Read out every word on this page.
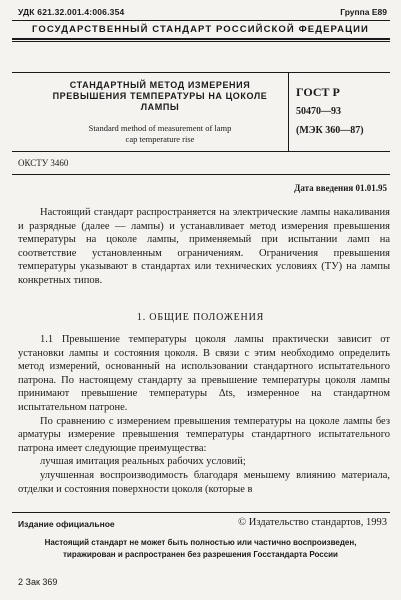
УДК 621.32.001.4:006.354	Группа Е89
ГОСУДАРСТВЕННЫЙ СТАНДАРТ РОССИЙСКОЙ ФЕДЕРАЦИИ
СТАНДАРТНЫЙ МЕТОД ИЗМЕРЕНИЯ
ПРЕВЫШЕНИЯ ТЕМПЕРАТУРЫ НА ЦОКОЛЕ
ЛАМПЫ
Standard method of measurement of lamp
cap temperature rise
ГОСТ Р
50470—93
(МЭК 360—87)
ОКСТУ 3460
Дата введения 01.01.95

Настоящий стандарт распространяется на электрические лампы накаливания и разрядные (далее — лампы) и устанавливает метод измерения превышения температуры на цоколе лампы, применяемый при испытании ламп на соответствие установленным ограничениям. Ограничения превышения температуры указывают в стандартах или технических условиях (ТУ) на лампы конкретных типов.

1. ОБЩИЕ ПОЛОЖЕНИЯ

1.1 Превышение температуры цоколя лампы практически зависит от установки лампы и состояния цоколя. В связи с этим необходимо определить метод измерений, основанный на использовании стандартного испытательного патрона. По настоящему стандарту за превышение температуры цоколя лампы принимают превышение температуры Δts, измеренное на стандартном испытательном патроне.

По сравнению с измерением превышения температуры на цоколе лампы без арматуры измерение превышения температуры стандартного испытательного патрона имеет следующие преимущества:

лучшая имитация реальных рабочих условий;

улучшенная воспроизводимость благодаря меньшему влиянию материала, отделки и состояния поверхности цоколя (которые в

Издание официальное	© Издательство стандартов, 1993
Настоящий стандарт не может быть полностью или частично воспроизведен,
тиражирован и распространен без разрешения Госстандарта России
2 Зак 369
